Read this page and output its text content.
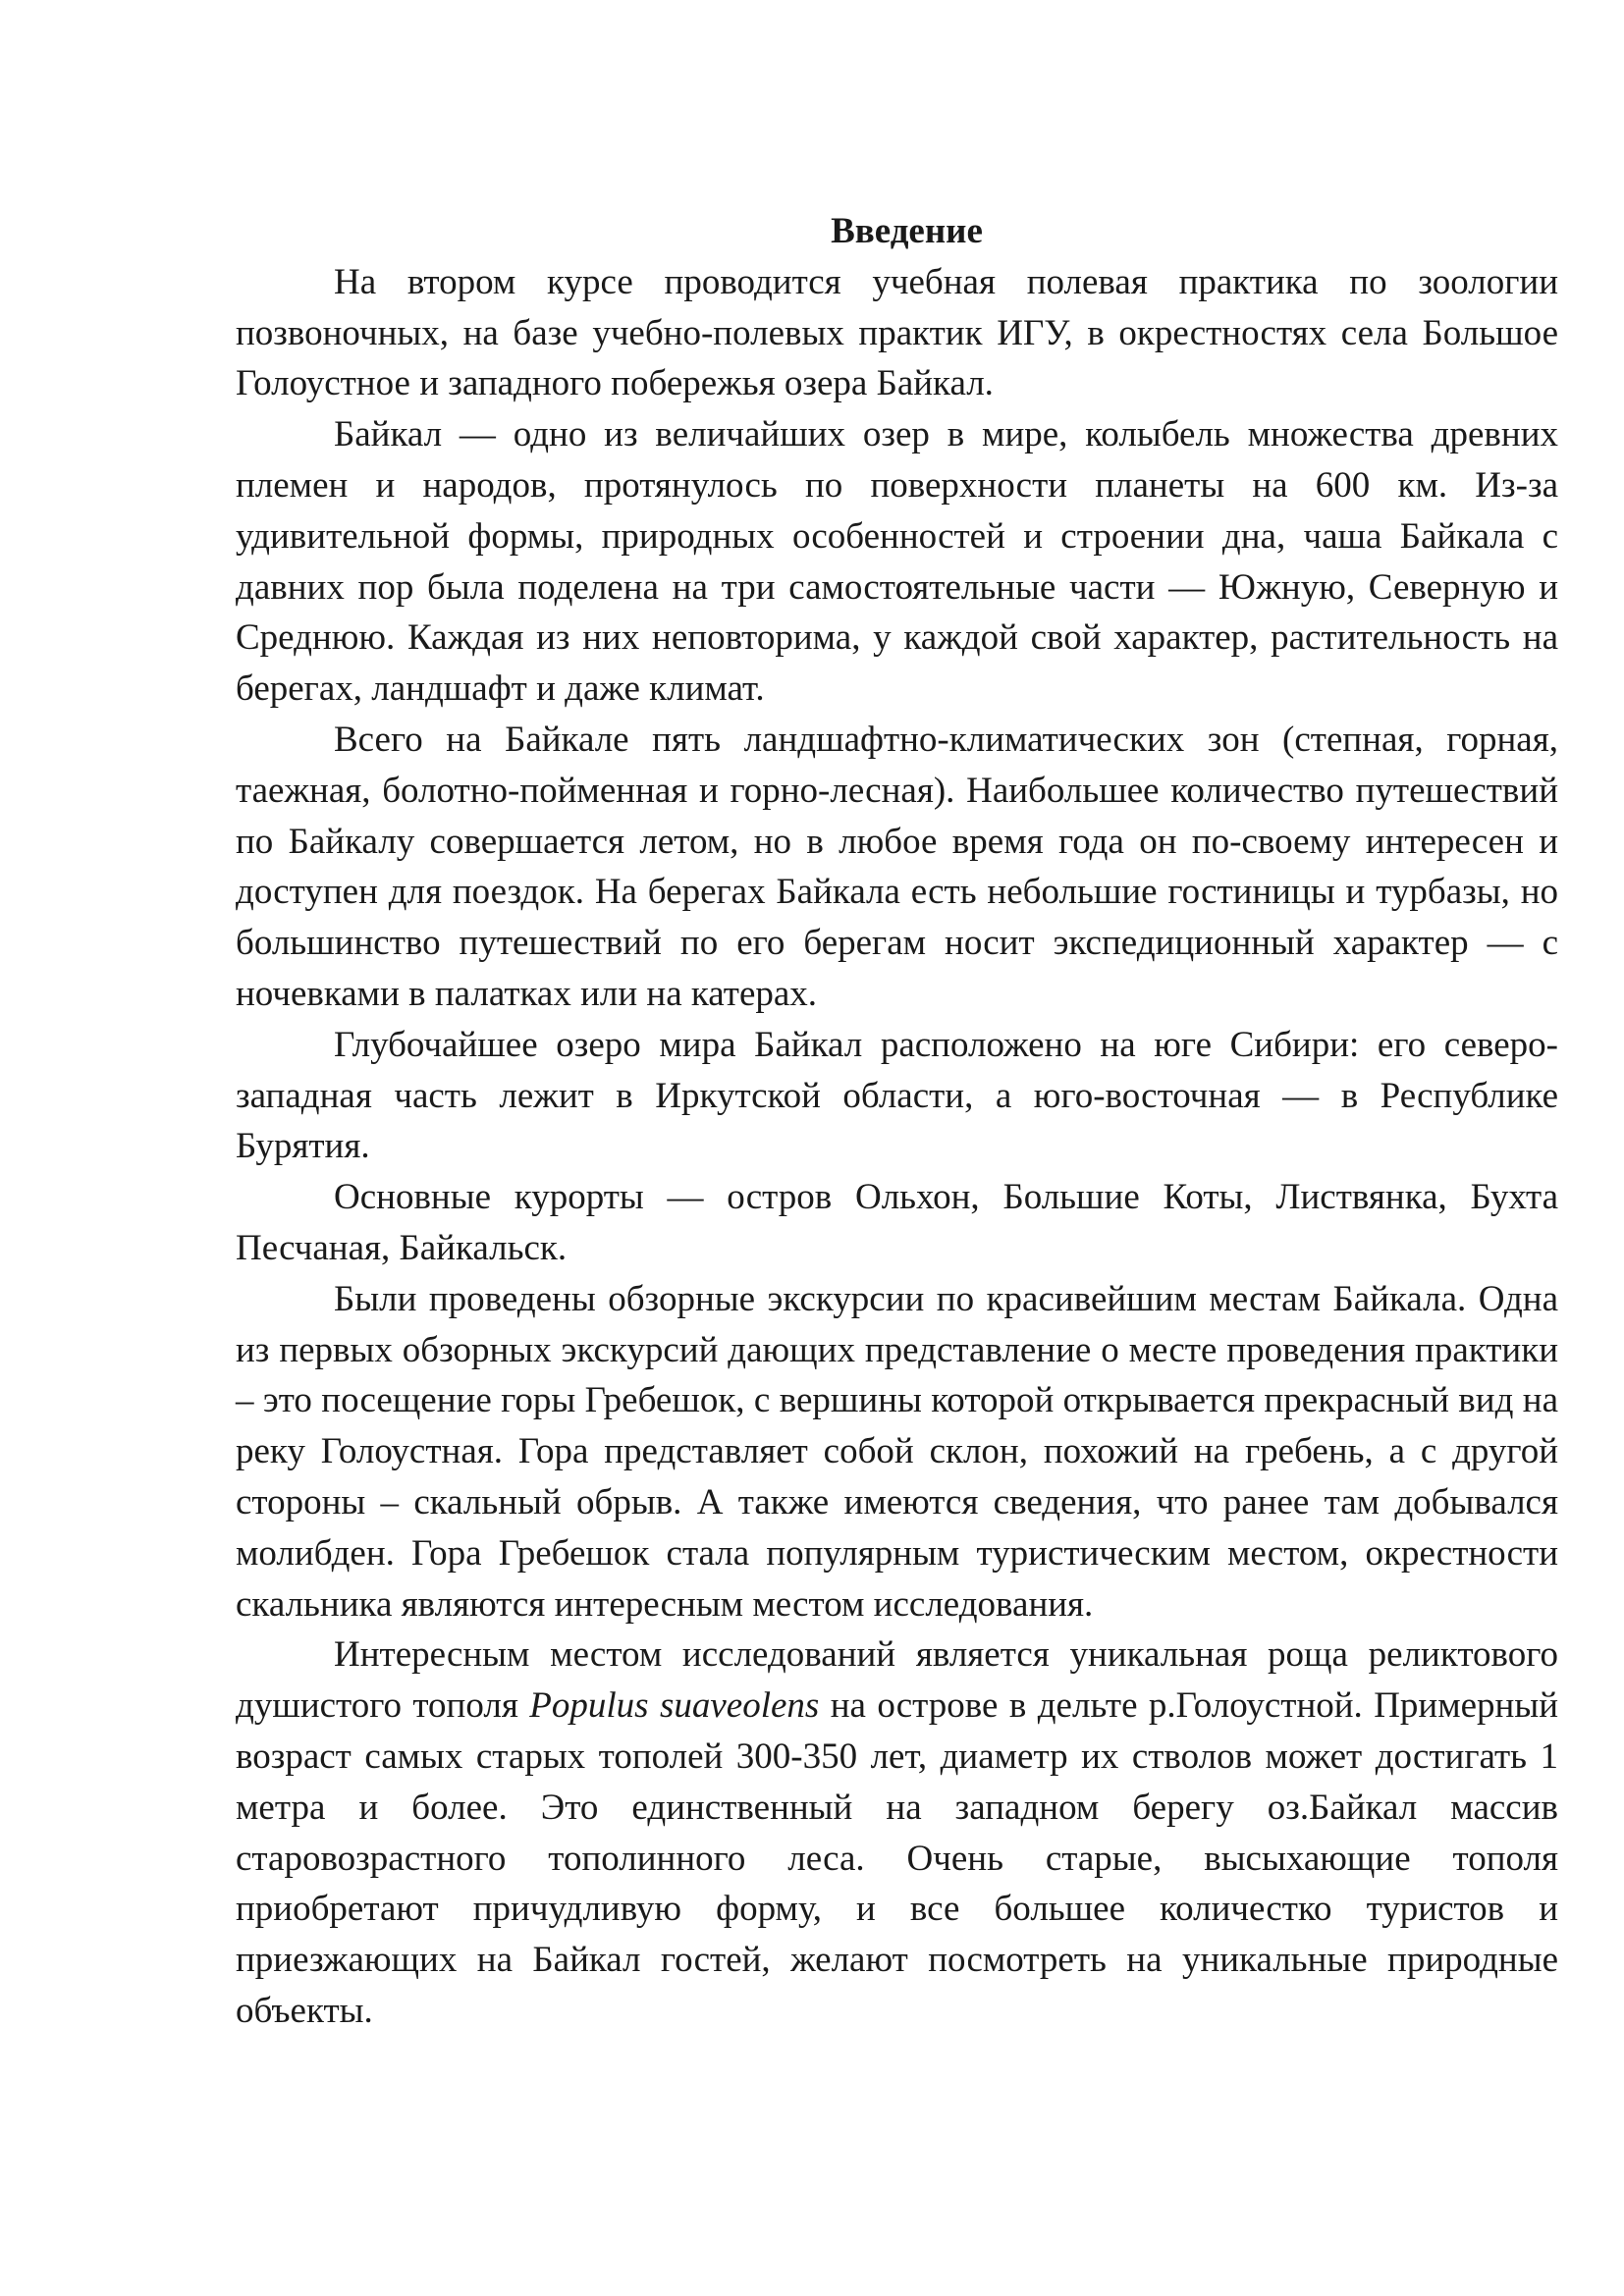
Введение

На втором курсе проводится учебная полевая практика по зоологии позвоночных, на базе учебно-полевых практик ИГУ, в окрестностях села Большое Голоустное и западного побережья озера Байкал.

Байкал — одно из величайших озер в мире, колыбель множества древних племен и народов, протянулось по поверхности планеты на 600 км. Из-за удивительной формы, природных особенностей и строении дна, чаша Байкала с давних пор была поделена на три самостоятельные части — Южную, Северную и Среднюю. Каждая из них неповторима, у каждой свой характер, растительность на берегах, ландшафт и даже климат.

Всего на Байкале пять ландшафтно-климатических зон (степная, горная, таежная, болотно-пойменная и горно-лесная). Наибольшее количество путешествий по Байкалу совершается летом, но в любое время года он по-своему интересен и доступен для поездок. На берегах Байкала есть небольшие гостиницы и турбазы, но большинство путешествий по его берегам носит экспедиционный характер — с ночевками в палатках или на катерах.

Глубочайшее озеро мира Байкал расположено на юге Сибири: его северо-западная часть лежит в Иркутской области, а юго-восточная — в Республике Бурятия.

Основные курорты — остров Ольхон, Большие Коты, Листвянка, Бухта Песчаная, Байкальск.

Были проведены обзорные экскурсии по красивейшим местам Байкала. Одна из первых обзорных экскурсий дающих представление о месте проведения практики – это посещение горы Гребешок, с вершины которой открывается прекрасный вид на реку Голоустная. Гора представляет собой склон, похожий на гребень, а с другой стороны – скальный обрыв. А также имеются сведения, что ранее там добывался молибден. Гора Гребешок стала популярным туристическим местом, окрестности скальника являются интересным местом исследования.

Интересным местом исследований является уникальная роща реликтового душистого тополя Populus suaveolens на острове в дельте р.Голоустной. Примерный возраст самых старых тополей 300-350 лет, диаметр их стволов может достигать 1 метра и более. Это единственный на западном берегу оз.Байкал массив старовозрастного тополинного леса. Очень старые, высыхающие тополя приобретают причудливую форму, и все большее количестко туристов и приезжающих на Байкал гостей, желают посмотреть на уникальные природные объекты.
